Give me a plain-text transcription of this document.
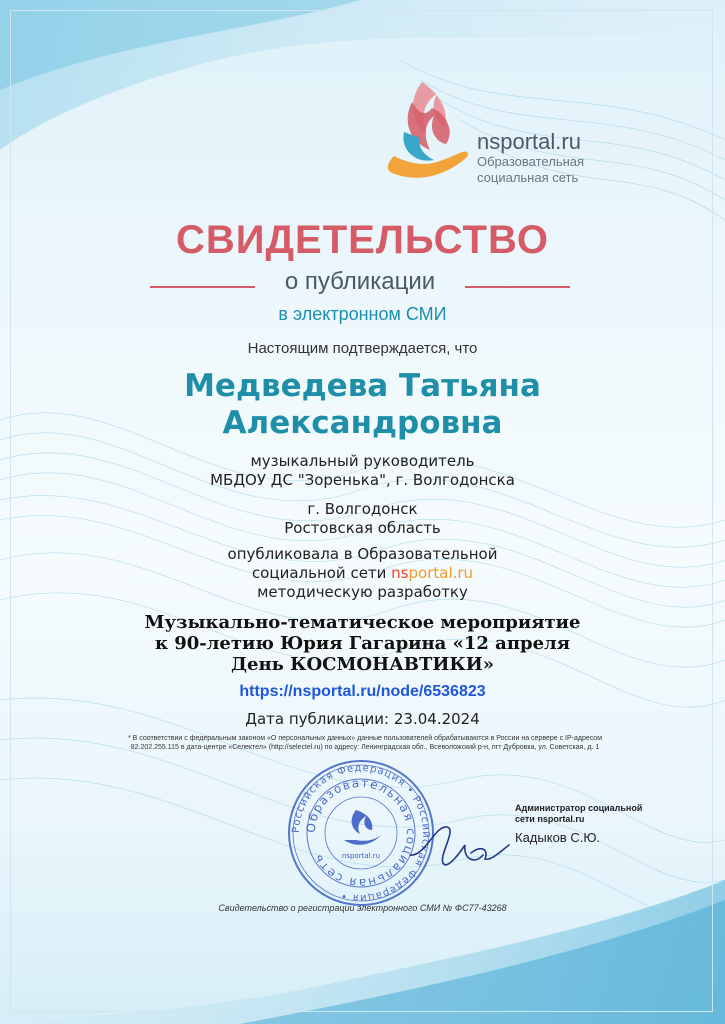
nsportal.ru
Образовательная
социальная сеть
СВИДЕТЕЛЬСТВО
о публикации
в электронном СМИ
Настоящим подтверждается, что
Медведева Татьяна
Александровна
музыкальный руководитель
МБДОУ ДС "Зоренька", г. Волгодонска
г. Волгодонск
Ростовская область
опубликовала в Образовательной
социальной сети nsportal.ru
методическую разработку
Музыкально-тематическое мероприятие
к 90-летию Юрия Гагарина «12 апреля
День КОСМОНАВТИКИ»
https://nsportal.ru/node/6536823
Дата публикации: 23.04.2024
* В соответствии с федеральным законом «О персональных данных» данные пользователей обрабатываются в России на сервере с IP-адресом
82.202.255.115 в дата-центре «Селектел» (http://selectel.ru) по адресу: Ленинградская обл., Всеволожский р-н, пгт Дубровка, ул. Советская, д. 1
Российская Федерация • Российская Федерация •
Образовательная социальная сеть	nsportal.ru
Администратор социальной
сети nsportal.ru
Кадыков С.Ю.
Свидетельство о регистрации электронного СМИ № ФС77-43268
